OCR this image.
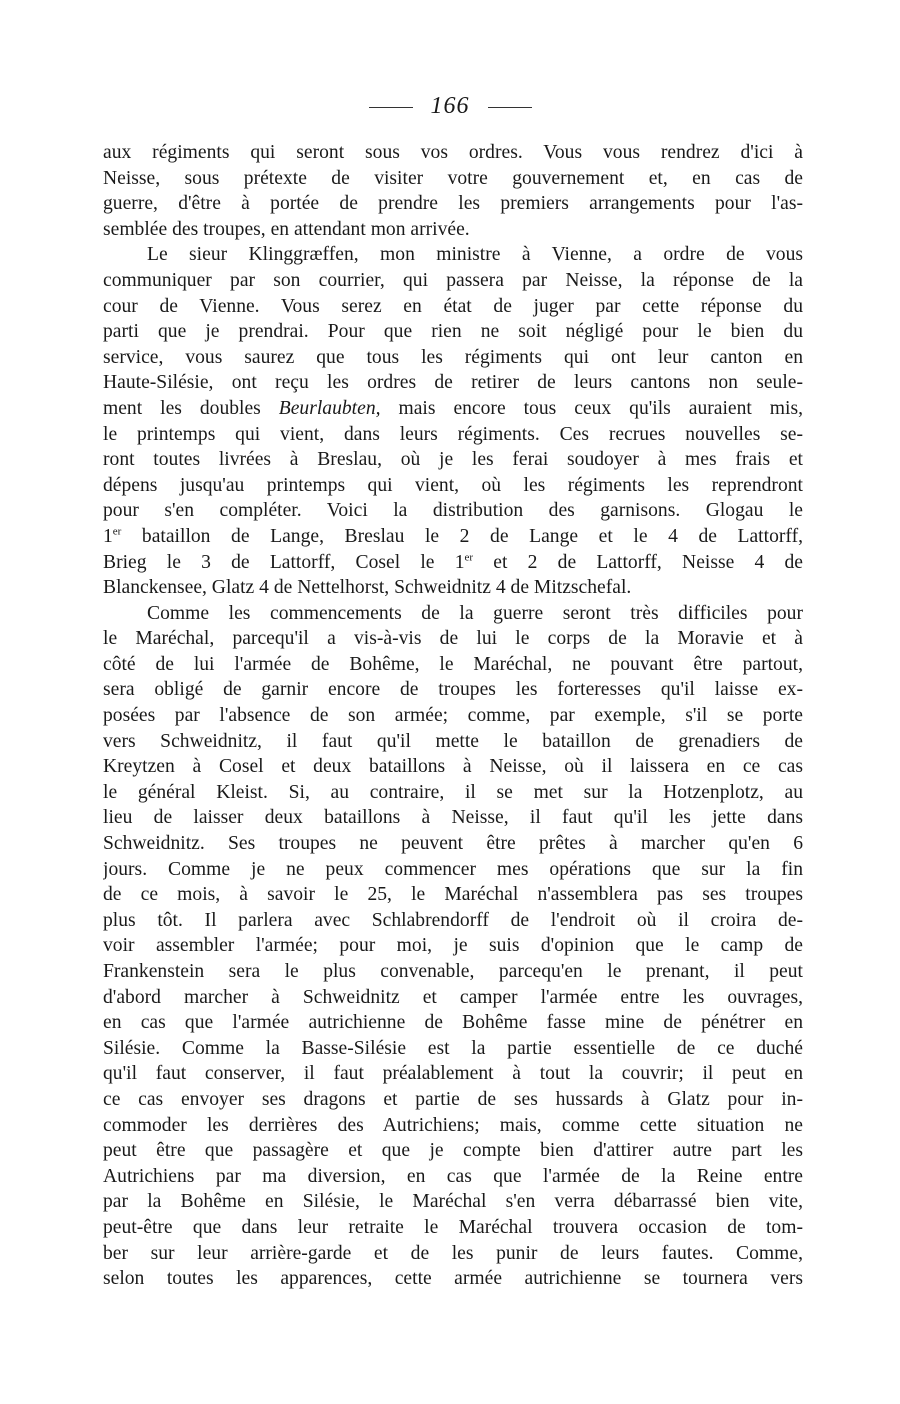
166
aux régiments qui seront sous vos ordres. Vous vous rendrez d'ici à
Neisse, sous prétexte de visiter votre gouvernement et, en cas de
guerre, d'être à portée de prendre les premiers arrangements pour l'as-
semblée des troupes, en attendant mon arrivée.
Le sieur Klinggræffen, mon ministre à Vienne, a ordre de vous
communiquer par son courrier, qui passera par Neisse, la réponse de la
cour de Vienne. Vous serez en état de juger par cette réponse du
parti que je prendrai. Pour que rien ne soit négligé pour le bien du
service, vous saurez que tous les régiments qui ont leur canton en
Haute-Silésie, ont reçu les ordres de retirer de leurs cantons non seule-
ment les doubles Beurlaubten, mais encore tous ceux qu'ils auraient mis,
le printemps qui vient, dans leurs régiments. Ces recrues nouvelles se-
ront toutes livrées à Breslau, où je les ferai soudoyer à mes frais et
dépens jusqu'au printemps qui vient, où les régiments les reprendront
pour s'en compléter. Voici la distribution des garnisons. Glogau le
1er bataillon de Lange, Breslau le 2 de Lange et le 4 de Lattorff,
Brieg le 3 de Lattorff, Cosel le 1er et 2 de Lattorff, Neisse 4 de
Blanckensee, Glatz 4 de Nettelhorst, Schweidnitz 4 de Mitzschefal.
Comme les commencements de la guerre seront très difficiles pour
le Maréchal, parcequ'il a vis-à-vis de lui le corps de la Moravie et à
côté de lui l'armée de Bohême, le Maréchal, ne pouvant être partout,
sera obligé de garnir encore de troupes les forteresses qu'il laisse ex-
posées par l'absence de son armée; comme, par exemple, s'il se porte
vers Schweidnitz, il faut qu'il mette le bataillon de grenadiers de
Kreytzen à Cosel et deux bataillons à Neisse, où il laissera en ce cas
le général Kleist. Si, au contraire, il se met sur la Hotzenplotz, au
lieu de laisser deux bataillons à Neisse, il faut qu'il les jette dans
Schweidnitz. Ses troupes ne peuvent être prêtes à marcher qu'en 6
jours. Comme je ne peux commencer mes opérations que sur la fin
de ce mois, à savoir le 25, le Maréchal n'assemblera pas ses troupes
plus tôt. Il parlera avec Schlabrendorff de l'endroit où il croira de-
voir assembler l'armée; pour moi, je suis d'opinion que le camp de
Frankenstein sera le plus convenable, parcequ'en le prenant, il peut
d'abord marcher à Schweidnitz et camper l'armée entre les ouvrages,
en cas que l'armée autrichienne de Bohême fasse mine de pénétrer en
Silésie. Comme la Basse-Silésie est la partie essentielle de ce duché
qu'il faut conserver, il faut préalablement à tout la couvrir; il peut en
ce cas envoyer ses dragons et partie de ses hussards à Glatz pour in-
commoder les derrières des Autrichiens; mais, comme cette situation ne
peut être que passagère et que je compte bien d'attirer autre part les
Autrichiens par ma diversion, en cas que l'armée de la Reine entre
par la Bohême en Silésie, le Maréchal s'en verra débarrassé bien vite,
peut-être que dans leur retraite le Maréchal trouvera occasion de tom-
ber sur leur arrière-garde et de les punir de leurs fautes. Comme,
selon toutes les apparences, cette armée autrichienne se tournera vers
